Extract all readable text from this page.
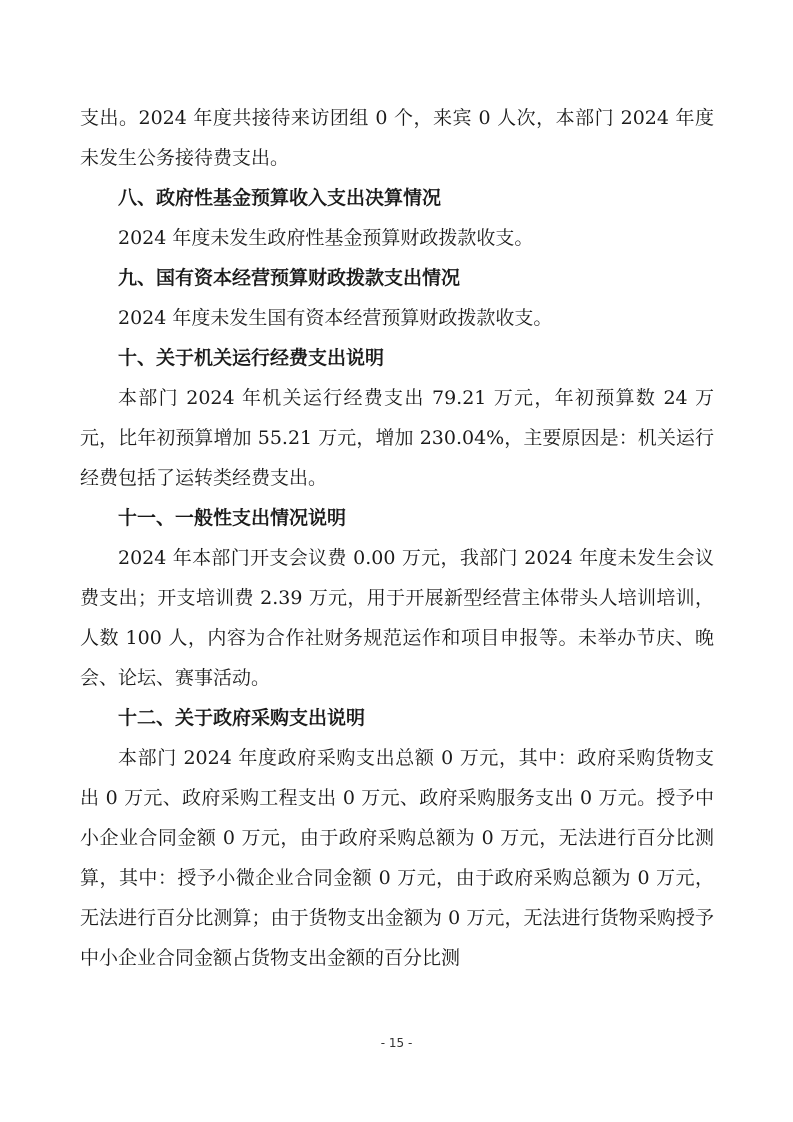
支出。2024 年度共接待来访团组 0 个，来宾 0 人次，本部门 2024 年度未发生公务接待费支出。

八、政府性基金预算收入支出决算情况

2024 年度未发生政府性基金预算财政拨款收支。

九、国有资本经营预算财政拨款支出情况

2024 年度未发生国有资本经营预算财政拨款收支。

十、关于机关运行经费支出说明

本部门 2024 年机关运行经费支出 79.21 万元，年初预算数 24 万元，比年初预算增加 55.21 万元，增加 230.04%，主要原因是：机关运行经费包括了运转类经费支出。

十一、一般性支出情况说明

2024 年本部门开支会议费 0.00 万元，我部门 2024 年度未发生会议费支出；开支培训费 2.39 万元，用于开展新型经营主体带头人培训培训，人数 100 人，内容为合作社财务规范运作和项目申报等。未举办节庆、晚会、论坛、赛事活动。

十二、关于政府采购支出说明

本部门 2024 年度政府采购支出总额 0 万元，其中：政府采购货物支出 0 万元、政府采购工程支出 0 万元、政府采购服务支出 0 万元。授予中小企业合同金额 0 万元，由于政府采购总额为 0 万元，无法进行百分比测算，其中：授予小微企业合同金额 0 万元，由于政府采购总额为 0 万元，无法进行百分比测算；由于货物支出金额为 0 万元，无法进行货物采购授予中小企业合同金额占货物支出金额的百分比测

- 15 -
